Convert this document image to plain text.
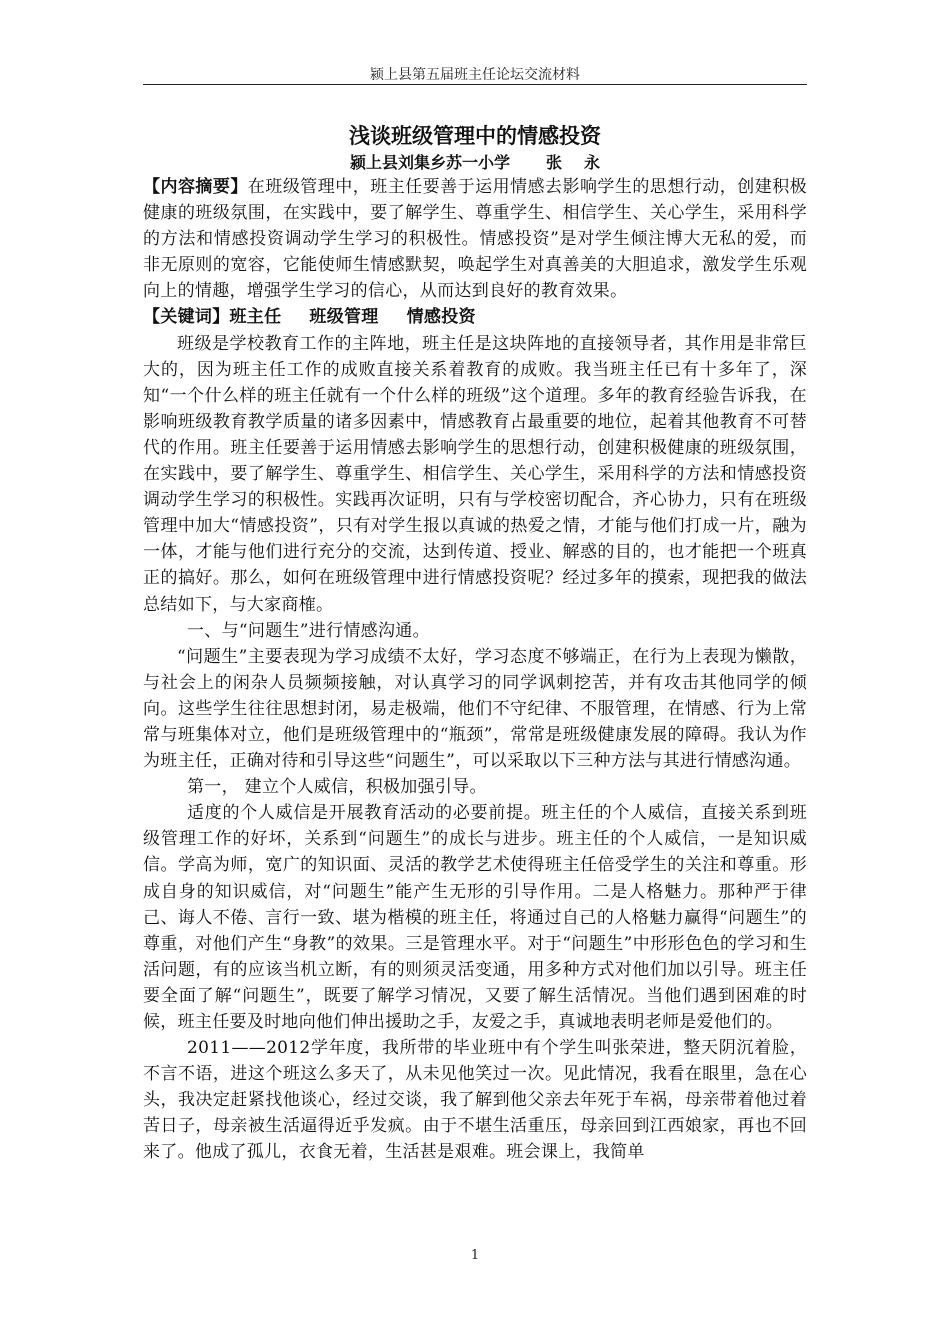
颍上县第五届班主任论坛交流材料
浅谈班级管理中的情感投资
颍上县刘集乡苏一小学 张 永

【内容摘要】在班级管理中，班主任要善于运用情感去影响学生的思想行动，创建积极健康的班级氛围，在实践中，要了解学生、尊重学生、相信学生、关心学生，采用科学的方法和情感投资调动学生学习的积极性。情感投资”是对学生倾注博大无私的爱，而非无原则的宽容，它能使师生情感默契，唤起学生对真善美的大胆追求，激发学生乐观向上的情趣，增强学生学习的信心，从而达到良好的教育效果。

【关键词】班主任 班级管理 情感投资

班级是学校教育工作的主阵地，班主任是这块阵地的直接领导者，其作用是非常巨大的，因为班主任工作的成败直接关系着教育的成败。我当班主任已有十多年了，深知“一个什么样的班主任就有一个什么样的班级”这个道理。多年的教育经验告诉我，在影响班级教育教学质量的诸多因素中，情感教育占最重要的地位，起着其他教育不可替代的作用。班主任要善于运用情感去影响学生的思想行动，创建积极健康的班级氛围，在实践中，要了解学生、尊重学生、相信学生、关心学生，采用科学的方法和情感投资调动学生学习的积极性。实践再次证明，只有与学校密切配合，齐心协力，只有在班级管理中加大“情感投资”，只有对学生报以真诚的热爱之情，才能与他们打成一片，融为一体，才能与他们进行充分的交流，达到传道、授业、解惑的目的，也才能把一个班真正的搞好。那么，如何在班级管理中进行情感投资呢？经过多年的摸索，现把我的做法总结如下，与大家商榷。

一、与“问题生”进行情感沟通。

“问题生”主要表现为学习成绩不太好，学习态度不够端正，在行为上表现为懒散，与社会上的闲杂人员频频接触，对认真学习的同学讽刺挖苦，并有攻击其他同学的倾向。这些学生往往思想封闭，易走极端，他们不守纪律、不服管理，在情感、行为上常常与班集体对立，他们是班级管理中的“瓶颈”，常常是班级健康发展的障碍。我认为作为班主任，正确对待和引导这些“问题生”，可以采取以下三种方法与其进行情感沟通。

第一， 建立个人威信，积极加强引导。

适度的个人威信是开展教育活动的必要前提。班主任的个人威信，直接关系到班级管理工作的好坏，关系到“问题生”的成长与进步。班主任的个人威信，一是知识威信。学高为师，宽广的知识面、灵活的教学艺术使得班主任倍受学生的关注和尊重。形成自身的知识威信，对“问题生”能产生无形的引导作用。二是人格魅力。那种严于律己、诲人不倦、言行一致、堪为楷模的班主任，将通过自己的人格魅力赢得“问题生”的尊重，对他们产生“身教”的效果。三是管理水平。对于“问题生”中形形色色的学习和生活问题，有的应该当机立断，有的则须灵活变通，用多种方式对他们加以引导。班主任要全面了解“问题生”，既要了解学习情况，又要了解生活情况。当他们遇到困难的时候，班主任要及时地向他们伸出援助之手，友爱之手，真诚地表明老师是爱他们的。

2011——2012学年度，我所带的毕业班中有个学生叫张荣进，整天阴沉着脸，不言不语，进这个班这么多天了，从未见他笑过一次。见此情况，我看在眼里，急在心头，我决定赶紧找他谈心，经过交谈，我了解到他父亲去年死于车祸，母亲带着他过着苦日子，母亲被生活逼得近乎发疯。由于不堪生活重压，母亲回到江西娘家，再也不回来了。他成了孤儿，衣食无着，生活甚是艰难。班会课上，我简单

1
